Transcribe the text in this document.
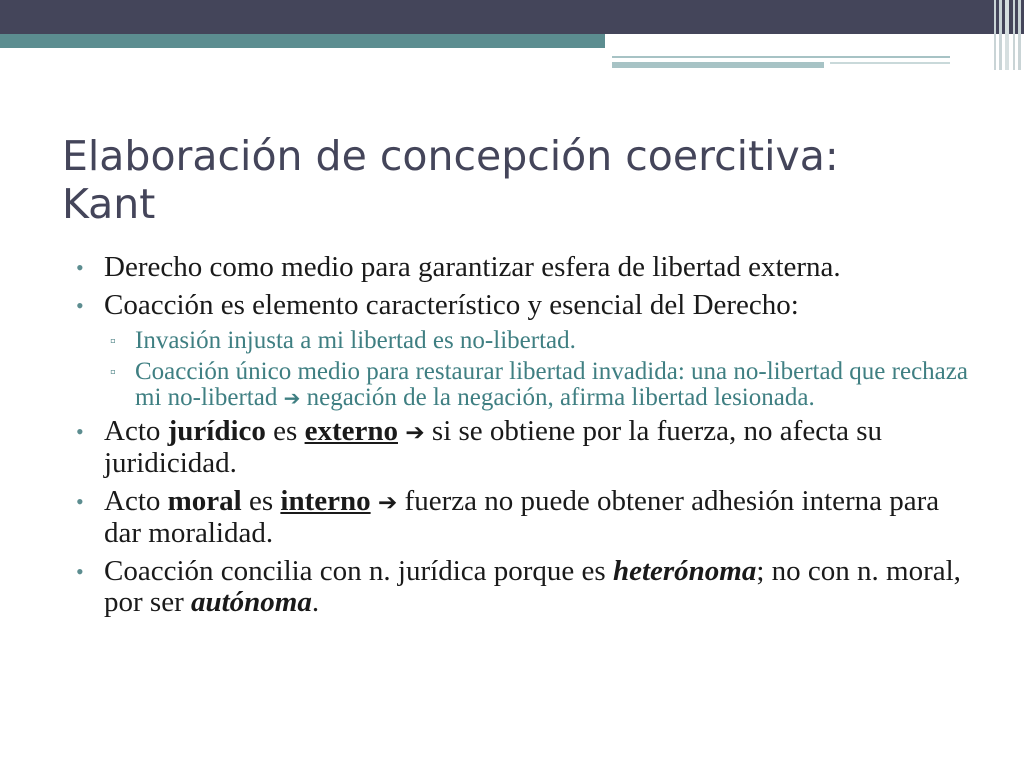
Elaboración de concepción coercitiva:
Kant
• Derecho como medio para garantizar esfera de libertad externa.
• Coacción es elemento característico y esencial del Derecho:
▫ Invasión injusta a mi libertad es no-libertad.
▫ Coacción único medio para restaurar libertad invadida: una no-libertad que rechaza mi no-libertad ➔ negación de la negación, afirma libertad lesionada.
• Acto jurídico es externo ➔ si se obtiene por la fuerza, no afecta su juridicidad.
• Acto moral es interno ➔ fuerza no puede obtener adhesión interna para dar moralidad.
• Coacción concilia con n. jurídica porque es heterónoma; no con n. moral, por ser autónoma.
